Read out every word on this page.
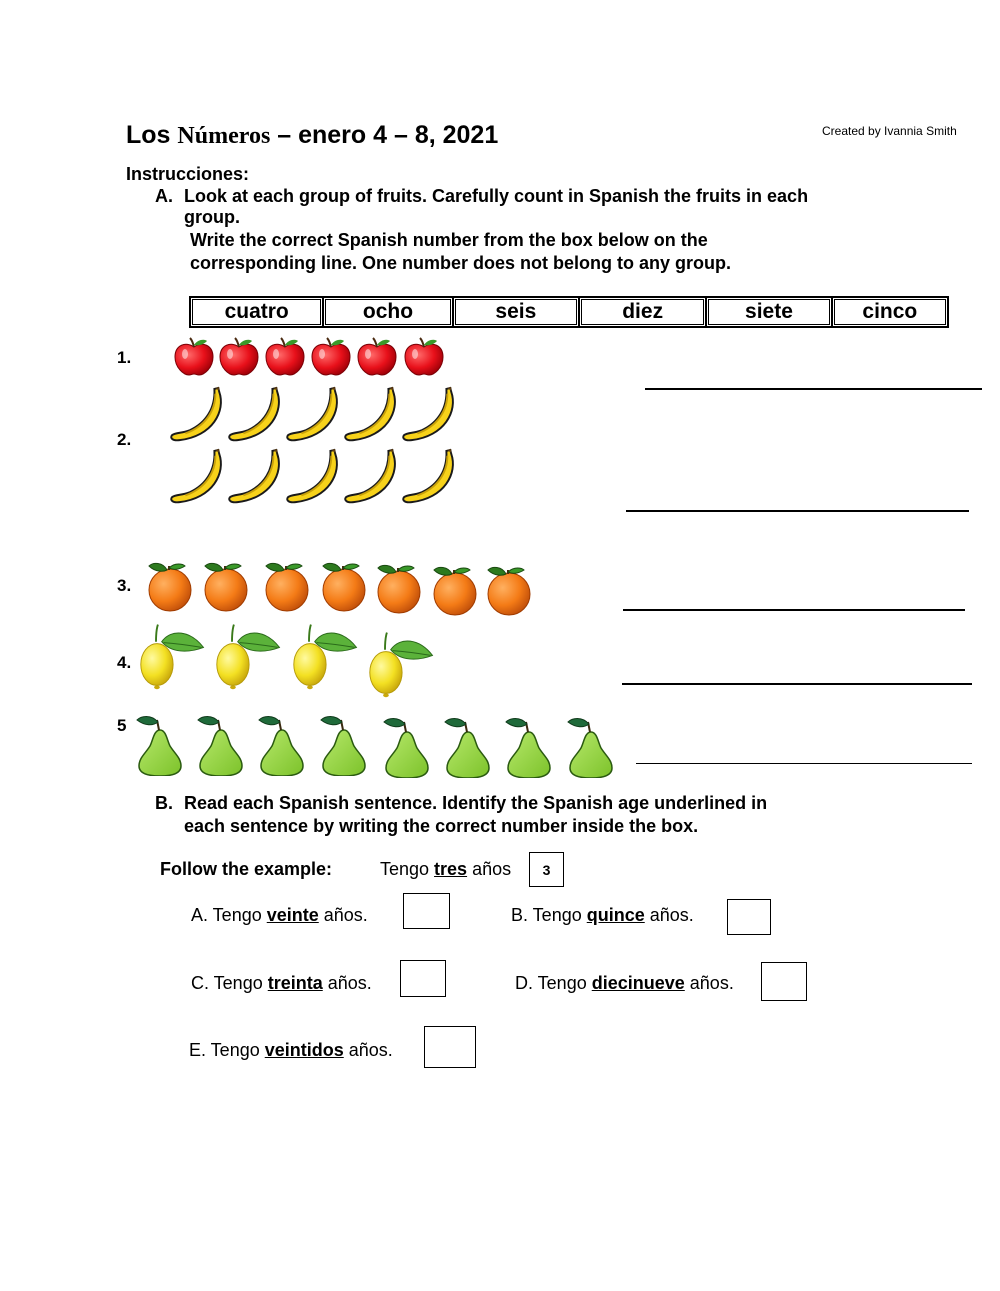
Los Números – enero 4 – 8, 2021	Created by Ivannia Smith
Instrucciones:
A. Look at each group of fruits. Carefully count in Spanish the fruits in each
group.
Write the correct Spanish number from the box below on the
corresponding line. One number does not belong to any group.
cuatro	ocho	seis	diez	siete	cinco
1.
2.
3.
4.
5
B. Read each Spanish sentence. Identify the Spanish age underlined in
each sentence by writing the correct number inside the box.
Follow the example:	Tengo tres años	3
A. Tengo veinte años.	B. Tengo quince años.
C. Tengo treinta años.	D. Tengo diecinueve años.
E. Tengo veintidos años.
